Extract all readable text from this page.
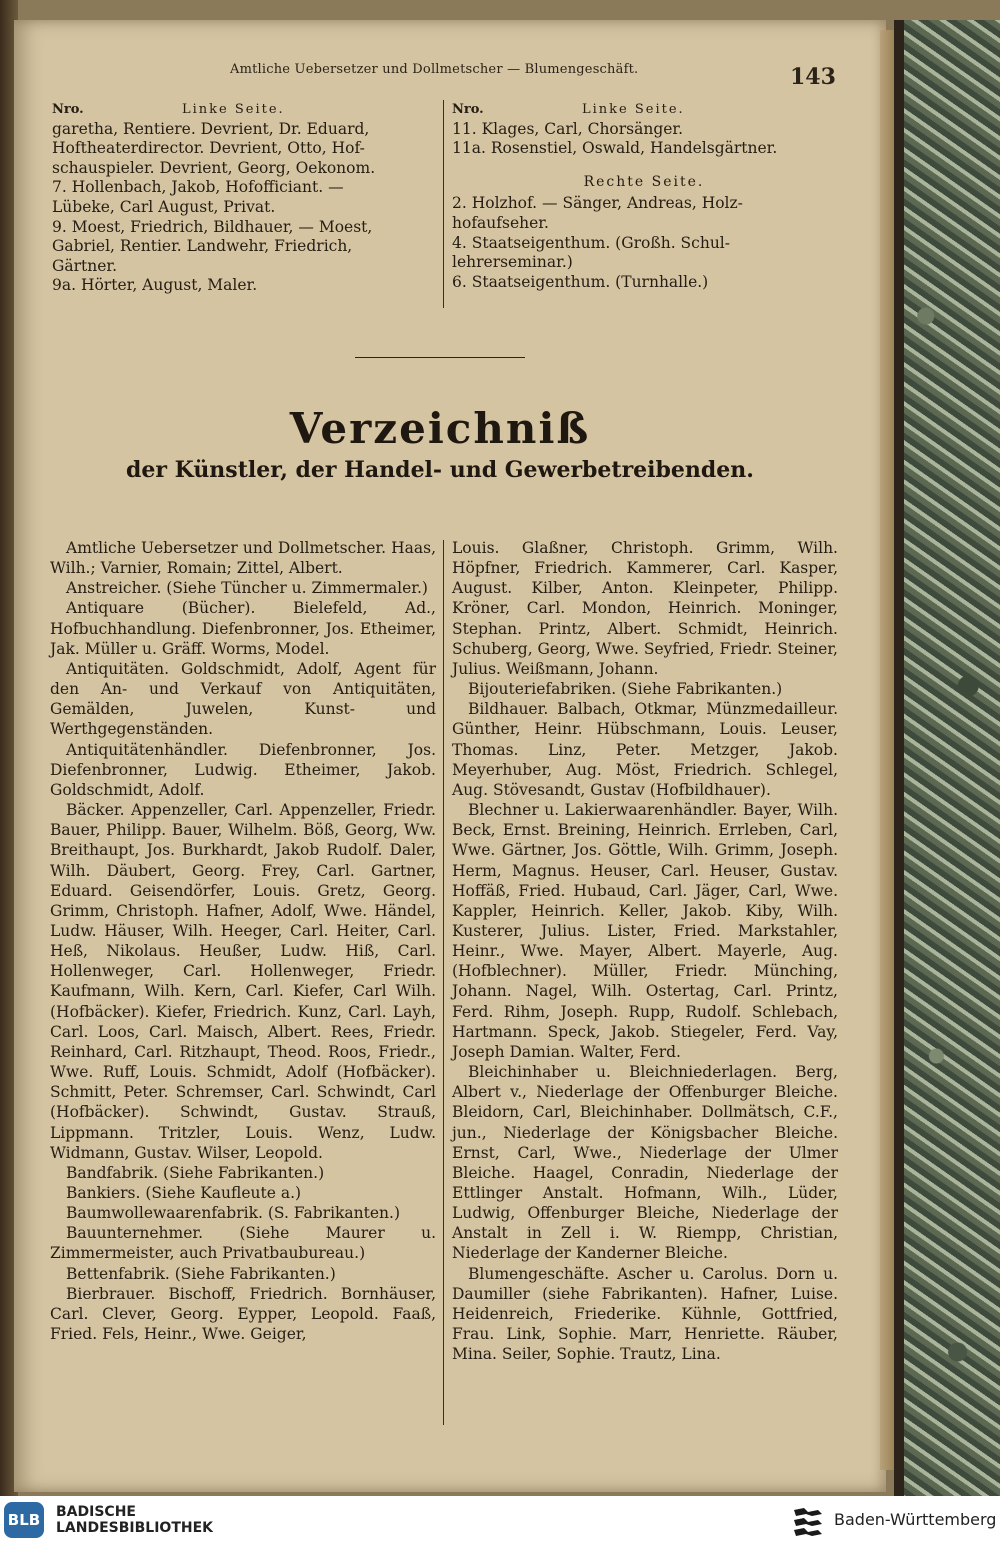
Amtliche Uebersetzer und Dollmetscher — Blumengeschäft.	143
Nro.	Linke Seite.
garetha, Rentiere. Devrient, Dr. Eduard,
Hoftheaterdirector. Devrient, Otto, Hof-
schauspieler. Devrient, Georg, Oekonom.
7. Hollenbach, Jakob, Hofofficiant. —
Lübeke, Carl August, Privat.
9. Moest, Friedrich, Bildhauer, — Moest,
Gabriel, Rentier. Landwehr, Friedrich,
Gärtner.
9a. Hörter, August, Maler.
Nro.	Linke Seite.
11. Klages, Carl, Chorsänger.
11a. Rosenstiel, Oswald, Handelsgärtner.
Rechte Seite.
2. Holzhof. — Sänger, Andreas, Holz-
hofaufseher.
4. Staatseigenthum. (Großh. Schul-
lehrerseminar.)
6. Staatseigenthum. (Turnhalle.)
Verzeichniß
der Künstler, der Handel- und Gewerbetreibenden.

Amtliche Uebersetzer und Dollmetscher. Haas, Wilh.; Varnier, Romain; Zittel, Albert.

Anstreicher. (Siehe Tüncher u. Zimmermaler.)

Antiquare (Bücher). Bielefeld, Ad., Hofbuchhandlung. Diefenbronner, Jos. Etheimer, Jak. Müller u. Gräff. Worms, Model.

Antiquitäten. Goldschmidt, Adolf, Agent für den An- und Verkauf von Antiquitäten, Gemälden, Juwelen, Kunst- und Werthgegenständen.

Antiquitätenhändler. Diefenbronner, Jos. Diefenbronner, Ludwig. Etheimer, Jakob. Goldschmidt, Adolf.

Bäcker. Appenzeller, Carl. Appenzeller, Friedr. Bauer, Philipp. Bauer, Wilhelm. Böß, Georg, Ww. Breithaupt, Jos. Burkhardt, Jakob Rudolf. Daler, Wilh. Däubert, Georg. Frey, Carl. Gartner, Eduard. Geisendörfer, Louis. Gretz, Georg. Grimm, Christoph. Hafner, Adolf, Wwe. Händel, Ludw. Häuser, Wilh. Heeger, Carl. Heiter, Carl. Heß, Nikolaus. Heußer, Ludw. Hiß, Carl. Hollenweger, Carl. Hollenweger, Friedr. Kaufmann, Wilh. Kern, Carl. Kiefer, Carl Wilh. (Hofbäcker). Kiefer, Friedrich. Kunz, Carl. Layh, Carl. Loos, Carl. Maisch, Albert. Rees, Friedr. Reinhard, Carl. Ritzhaupt, Theod. Roos, Friedr., Wwe. Ruff, Louis. Schmidt, Adolf (Hofbäcker). Schmitt, Peter. Schremser, Carl. Schwindt, Carl (Hofbäcker). Schwindt, Gustav. Strauß, Lippmann. Tritzler, Louis. Wenz, Ludw. Widmann, Gustav. Wilser, Leopold.

Bandfabrik. (Siehe Fabrikanten.)

Bankiers. (Siehe Kaufleute a.)

Baumwollewaarenfabrik. (S. Fabrikanten.)

Bauunternehmer. (Siehe Maurer u. Zimmermeister, auch Privatbaubureau.)

Bettenfabrik. (Siehe Fabrikanten.)

Bierbrauer. Bischoff, Friedrich. Bornhäuser, Carl. Clever, Georg. Eypper, Leopold. Faaß, Fried. Fels, Heinr., Wwe. Geiger,

Louis. Glaßner, Christoph. Grimm, Wilh. Höpfner, Friedrich. Kammerer, Carl. Kasper, August. Kilber, Anton. Kleinpeter, Philipp. Kröner, Carl. Mondon, Heinrich. Moninger, Stephan. Printz, Albert. Schmidt, Heinrich. Schuberg, Georg, Wwe. Seyfried, Friedr. Steiner, Julius. Weißmann, Johann.

Bijouteriefabriken. (Siehe Fabrikanten.)

Bildhauer. Balbach, Otkmar, Münzmedailleur. Günther, Heinr. Hübschmann, Louis. Leuser, Thomas. Linz, Peter. Metzger, Jakob. Meyerhuber, Aug. Möst, Friedrich. Schlegel, Aug. Stövesandt, Gustav (Hofbildhauer).

Blechner u. Lakierwaarenhändler. Bayer, Wilh. Beck, Ernst. Breining, Heinrich. Errleben, Carl, Wwe. Gärtner, Jos. Göttle, Wilh. Grimm, Joseph. Herm, Magnus. Heuser, Carl. Heuser, Gustav. Hoffäß, Fried. Hubaud, Carl. Jäger, Carl, Wwe. Kappler, Heinrich. Keller, Jakob. Kiby, Wilh. Kusterer, Julius. Lister, Fried. Markstahler, Heinr., Wwe. Mayer, Albert. Mayerle, Aug. (Hofblechner). Müller, Friedr. Münching, Johann. Nagel, Wilh. Ostertag, Carl. Printz, Ferd. Rihm, Joseph. Rupp, Rudolf. Schlebach, Hartmann. Speck, Jakob. Stiegeler, Ferd. Vay, Joseph Damian. Walter, Ferd.

Bleichinhaber u. Bleichniederlagen. Berg, Albert v., Niederlage der Offenburger Bleiche. Bleidorn, Carl, Bleichinhaber. Dollmätsch, C.F., jun., Niederlage der Königsbacher Bleiche. Ernst, Carl, Wwe., Niederlage der Ulmer Bleiche. Haagel, Conradin, Niederlage der Ettlinger Anstalt. Hofmann, Wilh., Lüder, Ludwig, Offenburger Bleiche, Niederlage der Anstalt in Zell i. W. Riempp, Christian, Niederlage der Kanderner Bleiche.

Blumengeschäfte. Ascher u. Carolus. Dorn u. Daumiller (siehe Fabrikanten). Hafner, Luise. Heidenreich, Friederike. Kühnle, Gottfried, Frau. Link, Sophie. Marr, Henriette. Räuber, Mina. Seiler, Sophie. Trautz, Lina.

BLB BADISCHE
LANDESBIBLIOTHEK	Baden-Württemberg
